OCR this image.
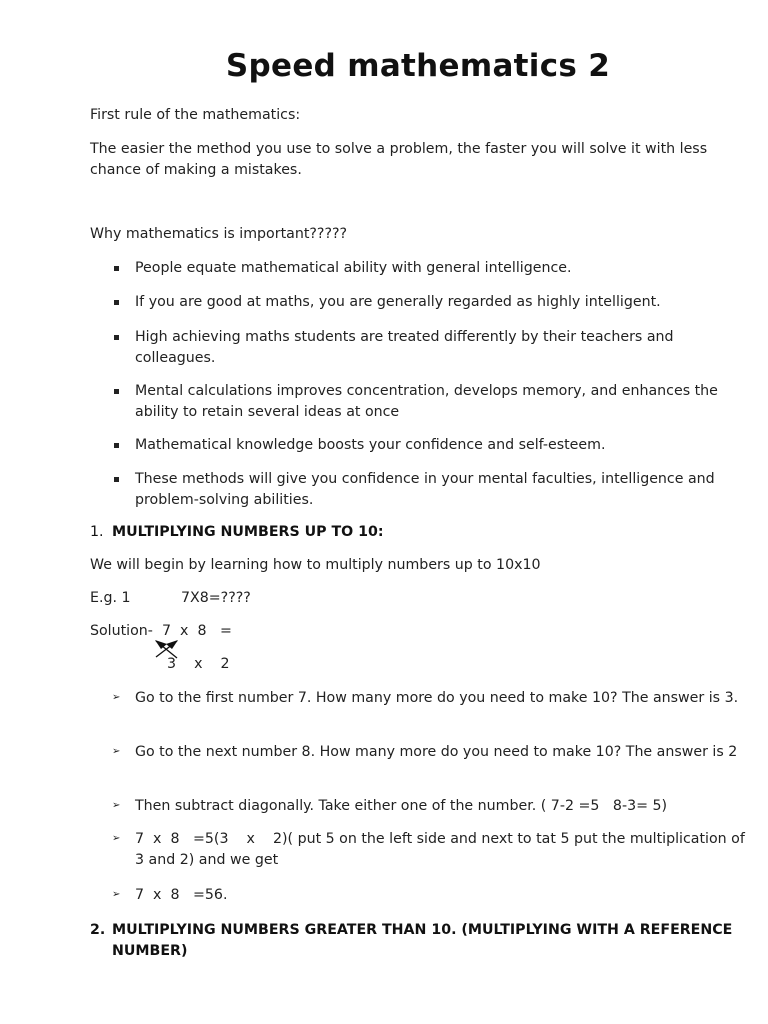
Speed mathematics 2
First rule of the mathematics:
The easier the method you use to solve a problem, the faster you will solve it with less chance of making a mistakes.
Why mathematics is important?????
People equate mathematical ability with general intelligence.
If you are good at maths, you are generally regarded as highly intelligent.
High achieving maths students are treated differently by their teachers and colleagues.
Mental calculations improves concentration, develops memory, and enhances the ability to retain several ideas at once
Mathematical knowledge boosts your confidence and self-esteem.
These methods will give you confidence in your mental faculties, intelligence and problem-solving abilities.
1. MULTIPLYING NUMBERS UP TO 10:
We will begin by learning how to multiply numbers up to 10x10
E.g. 1	7X8=????
Solution- 7  x  8   =
3    x    2
➢ Go to the first number 7. How many more do you need to make 10? The answer is 3.
➢ Go to the next number 8. How many more do you need to make 10? The answer is 2
➢ Then subtract diagonally. Take either one of the number. ( 7-2 =5   8-3= 5)
➢ 7  x  8   =5(3    x    2)( put 5 on the left side and next to tat 5 put the multiplication of 3 and 2) and we get
➢ 7  x  8   =56.
2. MULTIPLYING NUMBERS GREATER THAN 10. (MULTIPLYING WITH A REFERENCE NUMBER)
